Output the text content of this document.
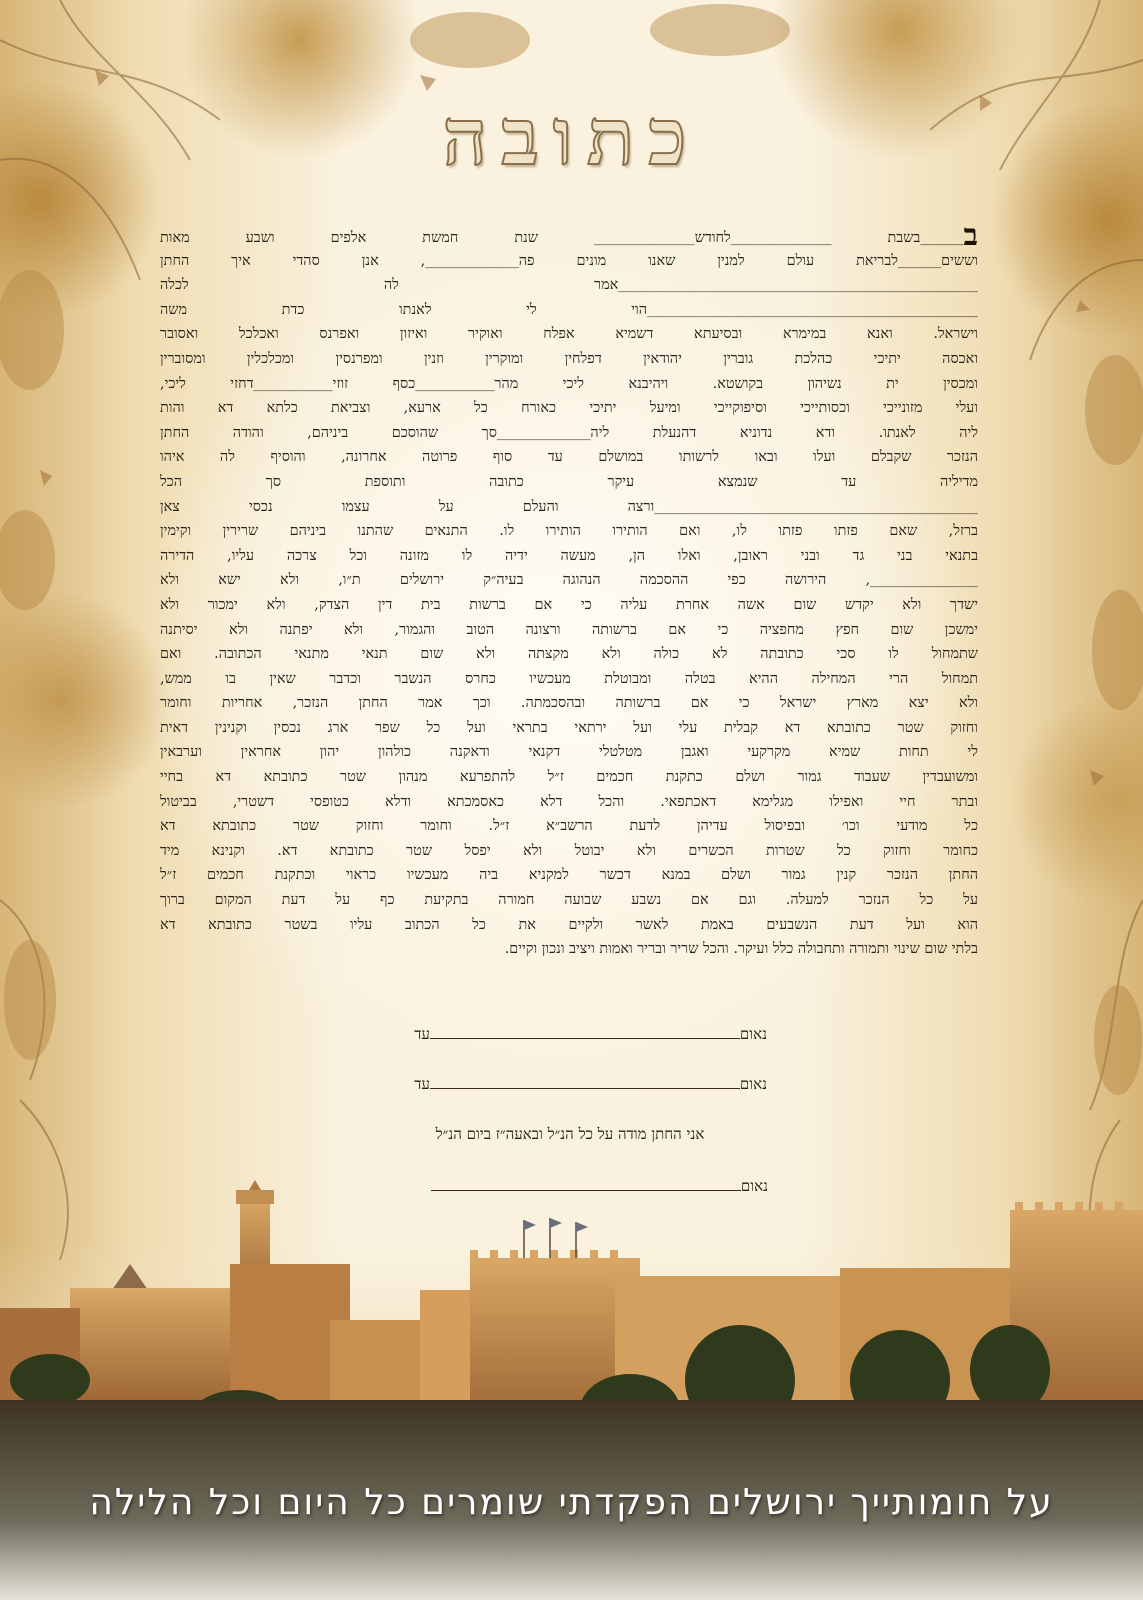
כתובה
ב______בשבת ______________לחודש______________ שנת חמשת אלפים ושבע מאות
וששים______לבריאת עולם למנין שאנו מונים פה_____________, אנן סהדי איך החתן
__________________________________________________אמר לה לכלה
______________________________________________הוי לי לאנתו כדת משה
וישראל. ואנא במימרא ובסיעתא דשמיא אפלח ואוקיר ואיזון ואפרנס ואכלכל ואסובר
ואכסה יתיכי כהלכת גוברין יהודאין דפלחין ומוקרין וזנין ומפרנסין ומכלכלין ומסוברין
ומכסין ית נשיהון בקושטא. ויהיבנא ליכי מהר___________כסף זוזי___________דחזי ליכי,
ועלי מזונייכי וכסותייכי וסיפוקייכי ומיעל יתיכי כאורח כל ארעא, וצביאת כלתא דא והות
ליה לאנתו. ודא נדוניא דהנעלת ליה_____________סך שהוסכם ביניהם, והודה החתן
הנזכר שקבלם ועלו ובאו לרשותו במושלם עד סוף פרוטה אחרונה, והוסיף לה איהו
מדיליה עד שנמצא עיקר כתובה ותוספת סך הכל
_____________________________________________ורצה והעלם על עצמו נכסי צאן
ברזל, שאם פזתו פזתו לו, ואם הותירו הותירו לו. התנאים שהתנו ביניהם שרירין וקימין
בתנאי בני גד ובני ראובן, ואלו הן, מעשה ידיה לו מזונה וכל צרכה עליו, הדירה
_______________, הירושה כפי ההסכמה הנהוגה בעיה״ק ירושלים ת״ו, ולא ישא ולא
ישדך ולא יקדש שום אשה אחרת עליה כי אם ברשות בית דין הצדק, ולא ימכור ולא
ימשכן שום חפץ מחפציה כי אם ברשותה ורצונה הטוב והגמור, ולא יפתנה ולא יסיתנה
שתמחול לו סכי כתובתה לא כולה ולא מקצתה ולא שום תנאי מתנאי הכתובה. ואם
תמחול הרי המחילה ההיא בטלה ומבוטלת מעכשיו כחרס הנשבר וכדבר שאין בו ממש,
ולא יצא מארץ ישראל כי אם ברשותה ובהסכמתה. וכך אמר החתן הנזכר, אחריות וחומר
וחזוק שטר כתובתא דא קבלית עלי ועל ירתאי בתראי ועל כל שפר ארג נכסין וקנינין דאית
לי תחות שמיא מקרקעי ואגבן מטלטלי דקנאי ודאקנה כולהון יהון אחראין וערבאין
ומשועבדין שעבוד גמור ושלם כתקנת חכמים ז״ל להתפרעא מנהון שטר כתובתא דא בחיי
ובתר חיי ואפילו מגלימא דאכתפאי. והכל דלא כאסמכתא ודלא כטופסי דשטרי, בביטול
כל מודעי וכו׳ ובפיסול עדיהן לדעת הרשב״א ז״ל. וחומר וחזוק שטר כתובתא דא
כחומר וחזוק כל שטרות הכשרים ולא יבוטל ולא יפסל שטר כתובתא דא. וקנינא מיד
החתן הנזכר קנין גמור ושלם במנא דכשר למקניא ביה מעכשיו כראוי וכתקנת חכמים ז״ל
על כל הנזכר למעלה. וגם אם נשבע שבועה חמורה בתקיעת כף על דעת המקום ברוך
הוא ועל דעת הנשבעים באמת לאשר ולקיים את כל הכתוב עליו בשטר כתובתא דא
בלתי שום שינוי ותמורה ותחבולה כלל ועיקר. והכל שריר ובריר ואמות ויציב ונכון וקיים.
נאוםעד
נאוםעד
אני החתן מודה על כל הנ״ל ובאעה״ז ביום הנ״ל
נאום
על חומותייך ירושלים הפקדתי שומרים כל היום וכל הלילה
